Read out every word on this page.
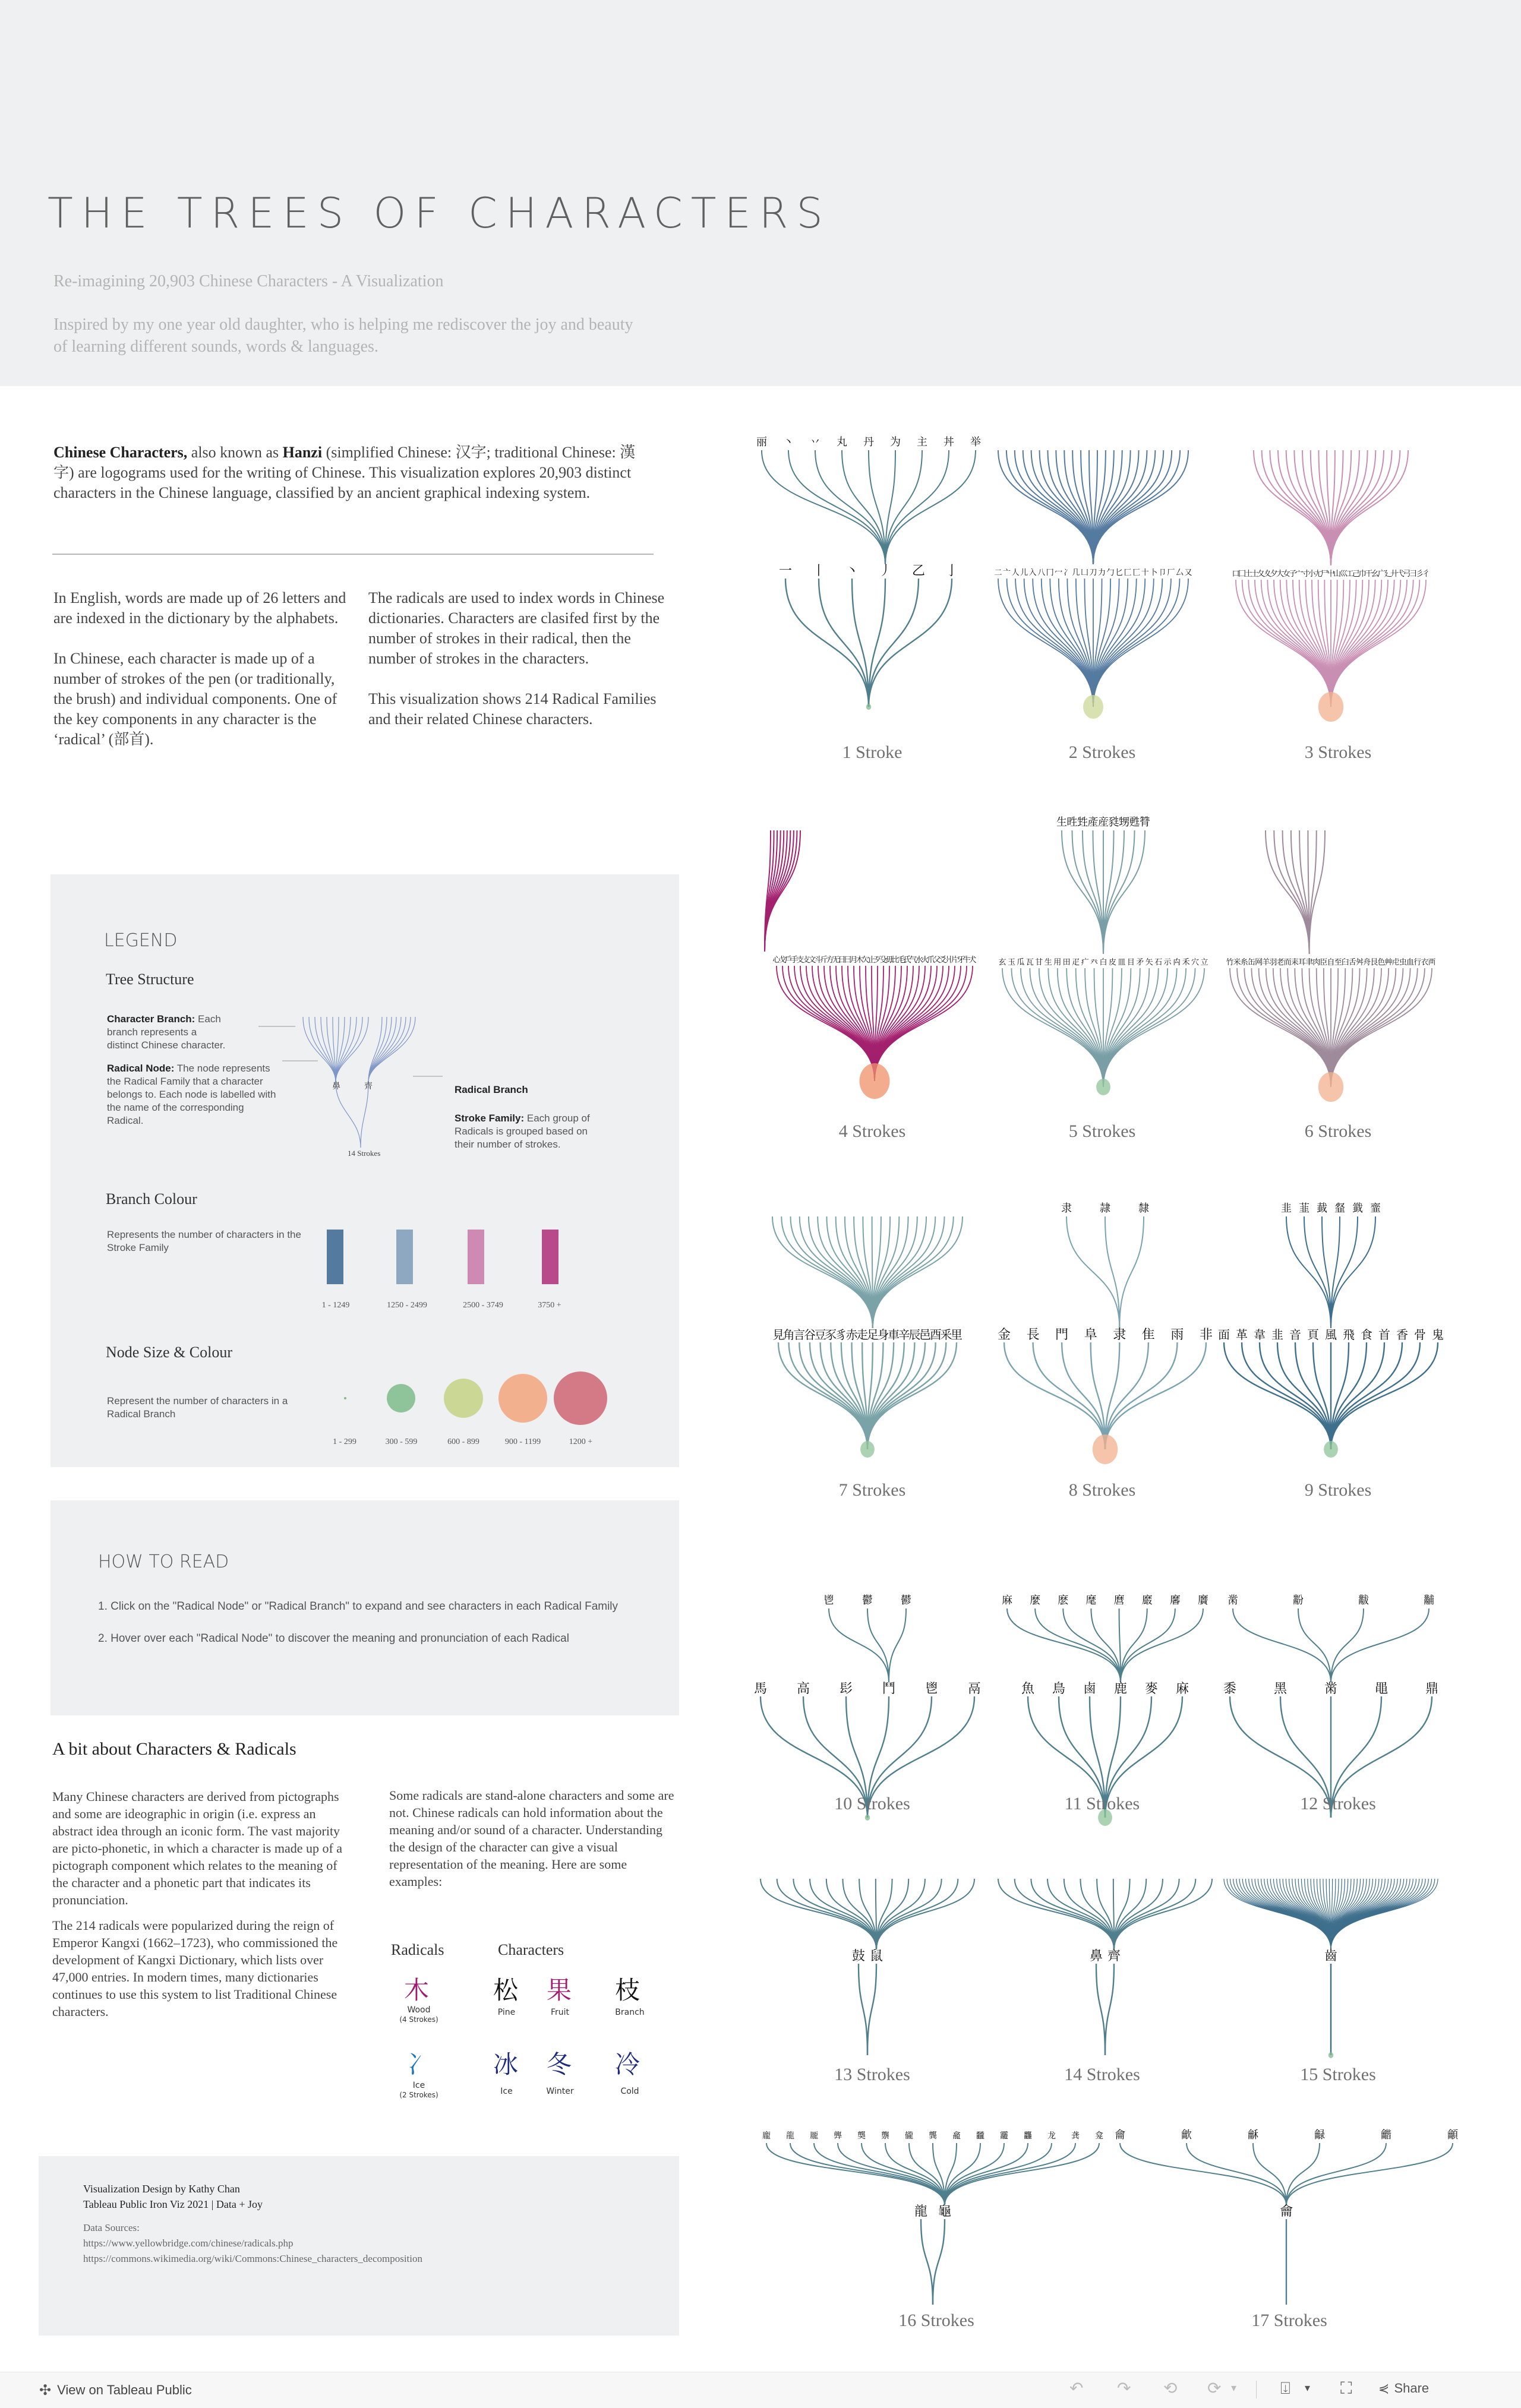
THE TREES OF CHARACTERS
Re-imagining 20,903 Chinese Characters - A Visualization
Inspired by my one year old daughter, who is helping me rediscover the joy and beauty of learning different sounds, words & languages.
Chinese Characters, also known as Hanzi (simplified Chinese: 汉字; traditional Chinese: 漢字) are logograms used for the writing of Chinese. This visualization explores 20,903 distinct characters in the Chinese language, classified by an ancient graphical indexing system.

In English, words are made up of 26 letters and are indexed in the dictionary by the alphabets.

In Chinese, each character is made up of a number of strokes of the pen (or traditionally, the brush) and individual components. One of the key components in any character is the ‘radical’ (部首).

The radicals are used to index words in Chinese dictionaries. Characters are clasifed first by the number of strokes in their radical, then the number of strokes in the characters.

This visualization shows 214 Radical Families and their related Chinese characters.

LEGEND
Tree Structure
Character Branch: Each branch represents a distinct Chinese character.
Radical Node: The node represents the Radical Family that a character belongs to. Each node is labelled with the name of the corresponding Radical.
Radical Branch
Stroke Family: Each group of Radicals is grouped based on their number of strokes.
鼻	齊
14 Strokes
Branch Colour
Represents the number of characters in the Stroke Family
1 - 1249	1250 - 2499	2500 - 3749	3750 +
Node Size & Colour
Represent the number of characters in a Radical Branch
1 - 299	300 - 599	600 - 899	900 - 1199	1200 +
HOW TO READ
1. Click on the "Radical Node" or "Radical Branch" to expand and see characters in each Radical Family
2. Hover over each "Radical Node" to discover the meaning and pronunciation of each Radical
A bit about Characters & Radicals

Many Chinese characters are derived from pictographs and some are ideographic in origin (i.e. express an abstract idea through an iconic form. The vast majority are picto-phonetic, in which a character is made up of a pictograph component which relates to the meaning of the character and a phonetic part that indicates its pronunciation.

The 214 radicals were popularized during the reign of Emperor Kangxi (1662–1723), who commissioned the development of Kangxi Dictionary, which lists over 47,000 entries. In modern times, many dictionaries continues to use this system to list Traditional Chinese characters.

Some radicals are stand-alone characters and some are not. Chinese radicals can hold information about the meaning and/or sound of a character. Understanding the design of the character can give a visual representation of the meaning. Here are some examples:

Radicals	Characters
木
Wood
(4 Strokes)
松 果 枝
Pine	Fruit	Branch
冫
Ice
(2 Strokes)
冰 冬 冷
Ice	Winter	Cold
Visualization Design by Kathy Chan
Tableau Public Iron Viz 2021 | Data + Joy
Data Sources:
https://www.yellowbridge.com/chinese/radicals.php
https://commons.wikimedia.org/wiki/Commons:Chinese_characters_decomposition
丽 丶 丷 丸 丹 为 主 丼 举
一 丨 丶 丿 乙 亅	二 亠 人 儿 入 八 冂 冖 冫 几 凵 刀 力 勹 匕 匚 匸 十 卜 卩 厂 厶 又	口
囗
土
士
夂
夊
夕
大
女
子
宀
寸
小
尢
尸
屮
山
巛
工
己
巾
干
幺
广
廴
廾
弋
弓
彐
彡
彳
心
戈
戶
手
支
攴
文
斗
斤
方
无
日
曰
月
木
欠
止
歹
殳
毋
比
毛
氏
气
水
火
爪
父
爻
爿
片
牙
牛
犬
生 甠 甡 產 産 甤 甥 甦 甧
玄 玉 瓜 瓦 甘 生 用 田 疋 疒 癶 白 皮 皿 目 矛 矢 石 示 禸 禾 穴 立 竹 米 糸 缶 网 羊 羽 老 而 耒 耳 聿 肉 臣 自 至 臼 舌 舛 舟 艮 色 艸 虍 虫 血 行 衣 襾
見
角
言
谷
豆
豕
豸
赤
走
足
身
車
辛
辰
邑
酉
釆
里
隶	隷	隸
金 長 門 阜 隶 隹 雨 非
韭 韮 韯 韰 韱 韲
面 革 韋 韭 音 頁 風 飛 食 首 香 骨 鬼
鬯	鬱	鬰
馬 高 髟 鬥 鬯 鬲
麻 麼 麽 麾 麿 黀 黁 黂
魚 鳥 鹵 鹿 麥 麻
黹	黺	黻	黼
黍	黑	黹	黽	鼎
鼓 鼠	鼻 齊	齒
龐 龍 龎 龏 龑 龒 龓 龔 龕 龖 龗 龘 龙 龚 龛
龍 龜
龠	龡	龢	龣	龤	龥
龠
1 Stroke	2 Strokes	3 Strokes
4 Strokes	5 Strokes	6 Strokes
7 Strokes	8 Strokes	9 Strokes
10 Strokes	11 Strokes	12 Strokes
13 Strokes	14 Strokes	15 Strokes
16 Strokes	17 Strokes
✣ View on Tableau Public	↶ ↷ ⟲ ⟳ ▾	⍗ ▾ ⛶ ⋞ Share
